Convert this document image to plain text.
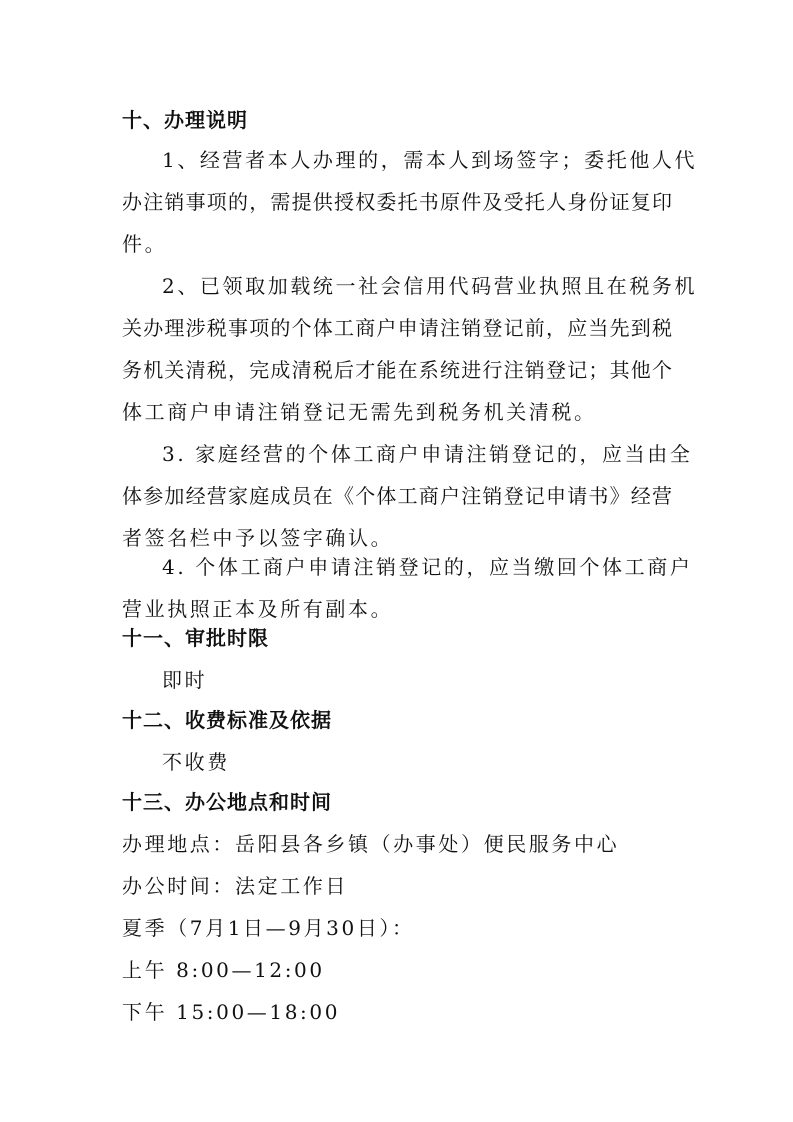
十、办理说明
1、经营者本人办理的，需本人到场签字；委托他人代
办注销事项的，需提供授权委托书原件及受托人身份证复印
件。
2、已领取加载统一社会信用代码营业执照且在税务机
关办理涉税事项的个体工商户申请注销登记前，应当先到税
务机关清税，完成清税后才能在系统进行注销登记；其他个
体工商户申请注销登记无需先到税务机关清税。
3. 家庭经营的个体工商户申请注销登记的，应当由全
体参加经营家庭成员在《个体工商户注销登记申请书》经营
者签名栏中予以签字确认。
4. 个体工商户申请注销登记的，应当缴回个体工商户
营业执照正本及所有副本。
十一、审批时限
即时
十二、收费标准及依据
不收费
十三、办公地点和时间
办理地点：岳阳县各乡镇（办事处）便民服务中心
办公时间：法定工作日
夏季（7月1日—9月30日）：
上午 8:00—12:00
下午 15:00—18:00
